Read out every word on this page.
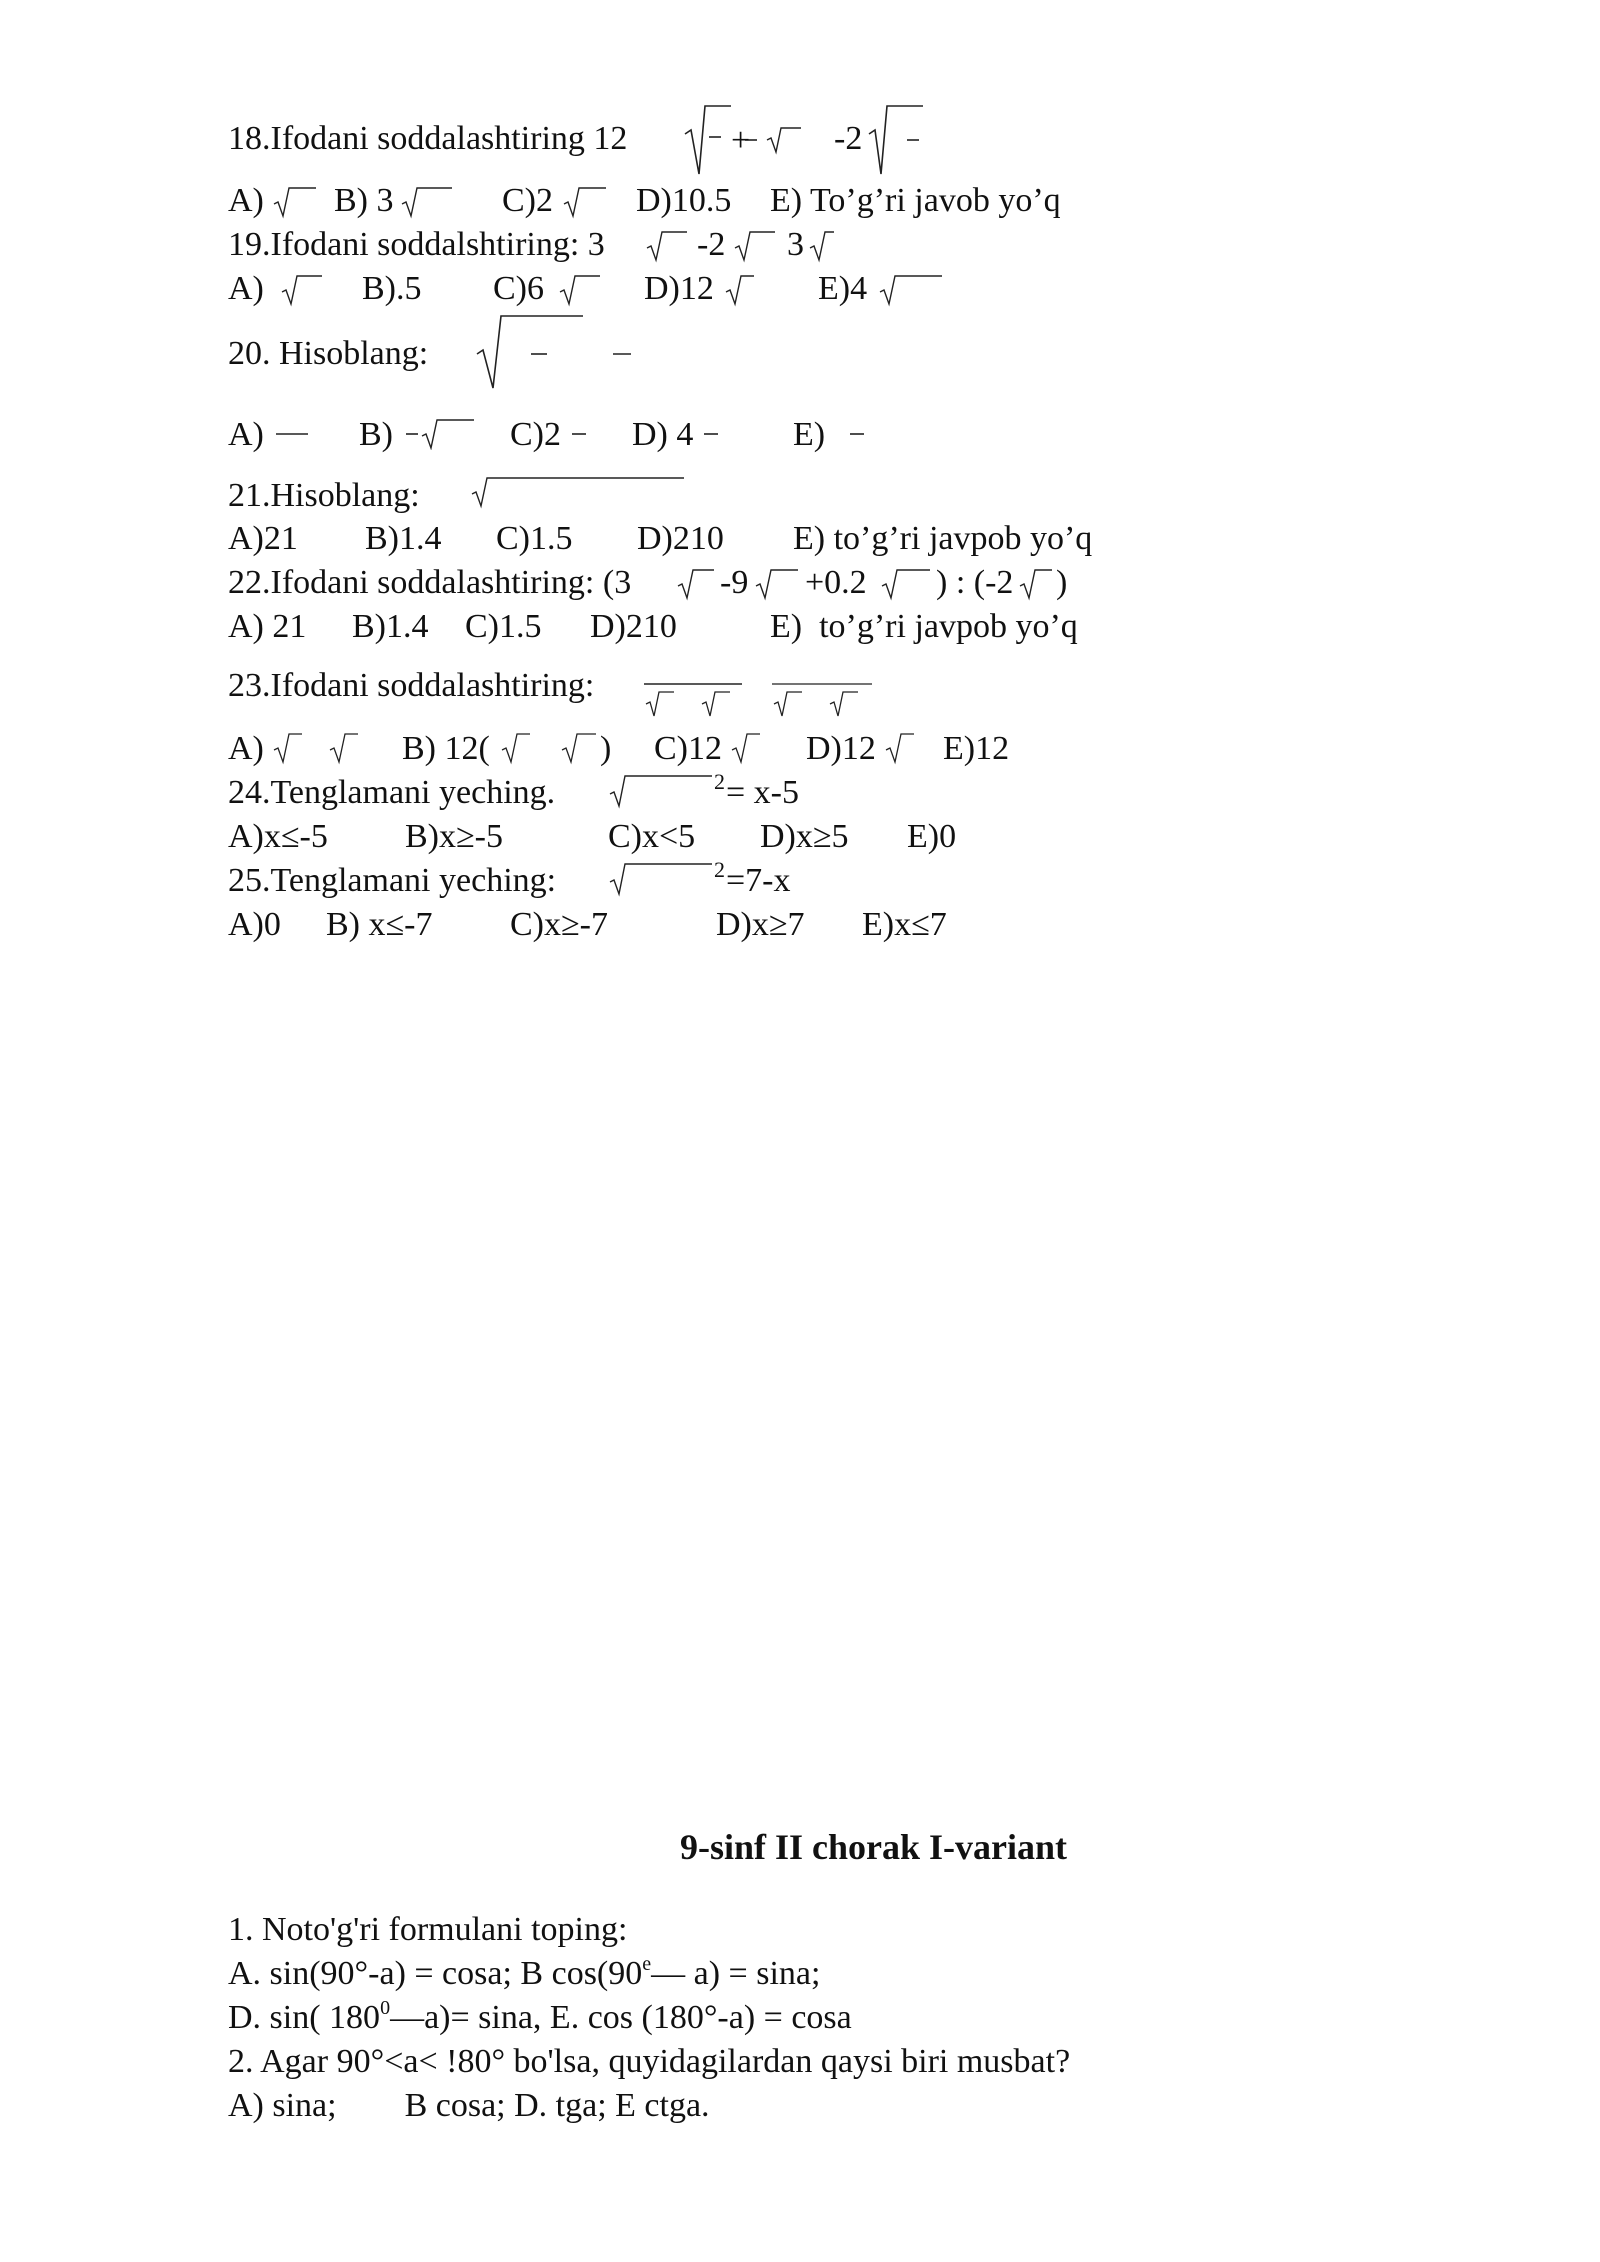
18.Ifodani soddalashtiring 12	+ -2
A) B) 3	C)2 D)10.5 E) To’g’ri javob yo’q
19.Ifodani soddalshtiring: 3	-2 3
A)	B).5 C)6	D)12	E)4
20. Hisoblang:
A)	B)	C)2 D) 4	E)
21.Hisoblang:
A)21 B)1.4 C)1.5 D)210 E) to’g’ri javpob yo’q
22.Ifodani soddalashtiring: (3	-9 +0.2 ) : (-2 )
A) 21 B)1.4 C)1.5 D)210	E)  to’g’ri javpob yo’q
23.Ifodani soddalashtiring:
A)	B) 12(	) C)12 D)12 E)12
24.Tenglamani yeching.	2 = x-5
A)x≤-5 B)x≥-5	C)x<5 D)x≥5 E)0
25.Tenglamani yeching:	2 =7-x
A)0 B) x≤-7 C)x≥-7	D)x≥7 E)x≤7
9-sinf II chorak I-variant
1. Noto'g'ri formulani toping:
A. sin(90°-a) = cosa; B cos(90e— a) = sina;
D. sin( $180^0—a)= \sin a$, E. cos (180°-a) = cosa
2. Agar 90°<a< !80° bo'lsa, quyidagilardan qaysi biri musbat?
A) sina;        B cosa; D. tga; E ctga.
